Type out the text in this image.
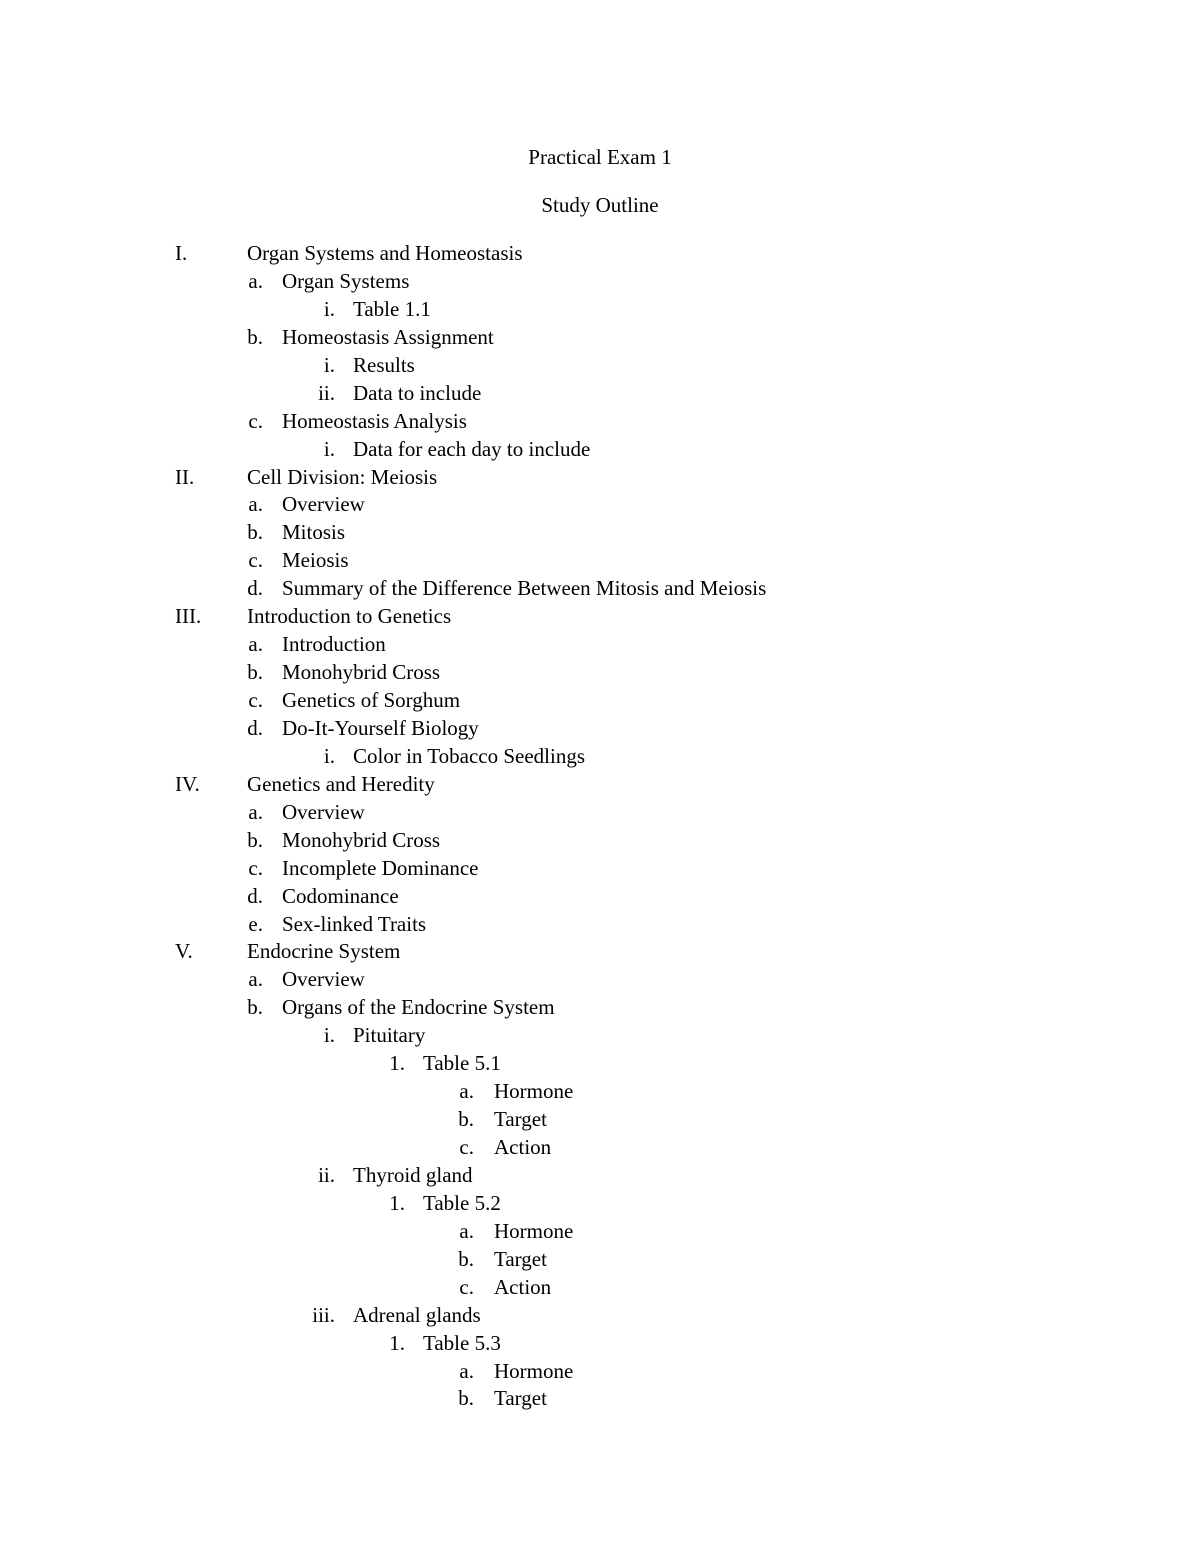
Practical Exam 1
Study Outline
I.	Organ Systems and Homeostasis
a. Organ Systems
i. Table 1.1
b. Homeostasis Assignment
i. Results
ii. Data to include
c. Homeostasis Analysis
i. Data for each day to include
II.	Cell Division: Meiosis
a. Overview
b. Mitosis
c. Meiosis
d. Summary of the Difference Between Mitosis and Meiosis
III. Introduction to Genetics
a. Introduction
b. Monohybrid Cross
c. Genetics of Sorghum
d. Do-It-Yourself Biology
i. Color in Tobacco Seedlings
IV. Genetics and Heredity
a. Overview
b. Monohybrid Cross
c. Incomplete Dominance
d. Codominance
e. Sex-linked Traits
V.	Endocrine System
a. Overview
b. Organs of the Endocrine System
i. Pituitary
1. Table 5.1
a. Hormone
b. Target
c. Action
ii. Thyroid gland
1. Table 5.2
a. Hormone
b. Target
c. Action
iii. Adrenal glands
1. Table 5.3
a. Hormone
b. Target
